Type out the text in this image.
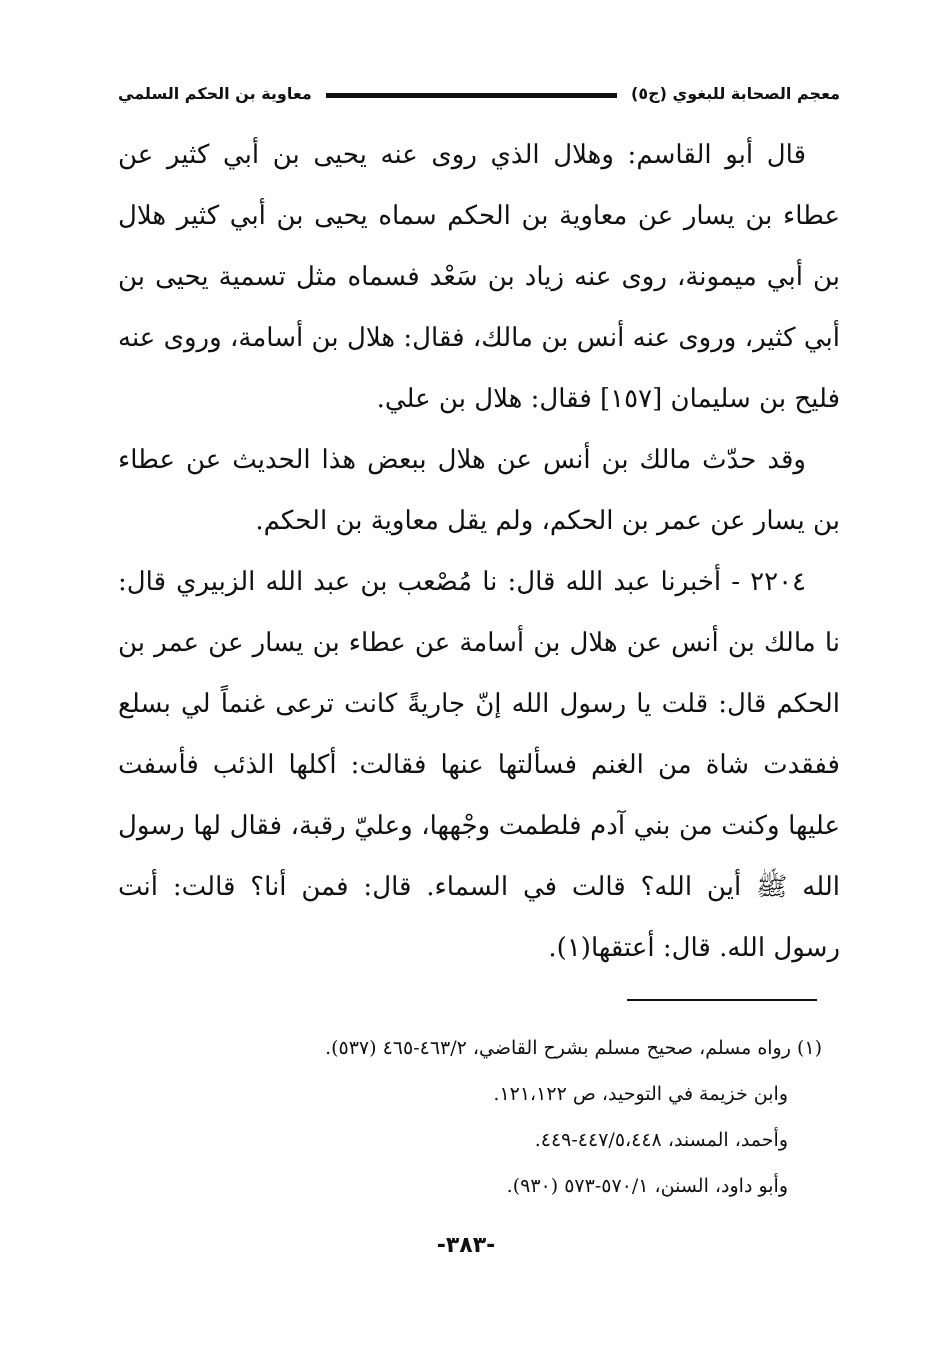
معجم الصحابة للبغوي (ج٥)
معاوية بن الحكم السلمي

قال أبو القاسم: وهلال الذي روى عنه يحيى بن أبي كثير عن عطاء بن يسار عن معاوية بن الحكم سماه يحيى بن أبي كثير هلال بن أبي ميمونة، روى عنه زياد بن سَعْد فسماه مثل تسمية يحيى بن أبي كثير، وروى عنه أنس بن مالك، فقال: هلال بن أسامة، وروى عنه فليح بن سليمان [١٥٧] فقال: هلال بن علي.

وقد حدّث مالك بن أنس عن هلال ببعض هذا الحديث عن عطاء بن يسار عن عمر بن الحكم، ولم يقل معاوية بن الحكم.

٢٢٠٤ - أخبرنا عبد الله قال: نا مُصْعب بن عبد الله الزبيري قال: نا مالك بن أنس عن هلال بن أسامة عن عطاء بن يسار عن عمر بن الحكم قال: قلت يا رسول الله إنّ جاريةً كانت ترعى غنماً لي بسلع ففقدت شاة من الغنم فسألتها عنها فقالت: أكلها الذئب فأسفت عليها وكنت من بني آدم فلطمت وجْهها، وعليّ رقبة، فقال لها رسول الله ﷺ أين الله؟ قالت في السماء. قال: فمن أنا؟ قالت: أنت رسول الله. قال: أعتقها(١).

(١) رواه مسلم، صحيح مسلم بشرح القاضي، ٤٦٣/٢-٤٦٥ (٥٣٧).

وابن خزيمة في التوحيد، ص ١٢١،١٢٢.

وأحمد، المسند، ٤٤٧/٥،٤٤٨-٤٤٩.

وأبو داود، السنن، ٥٧٠/١-٥٧٣ (٩٣٠).

-٣٨٣-
